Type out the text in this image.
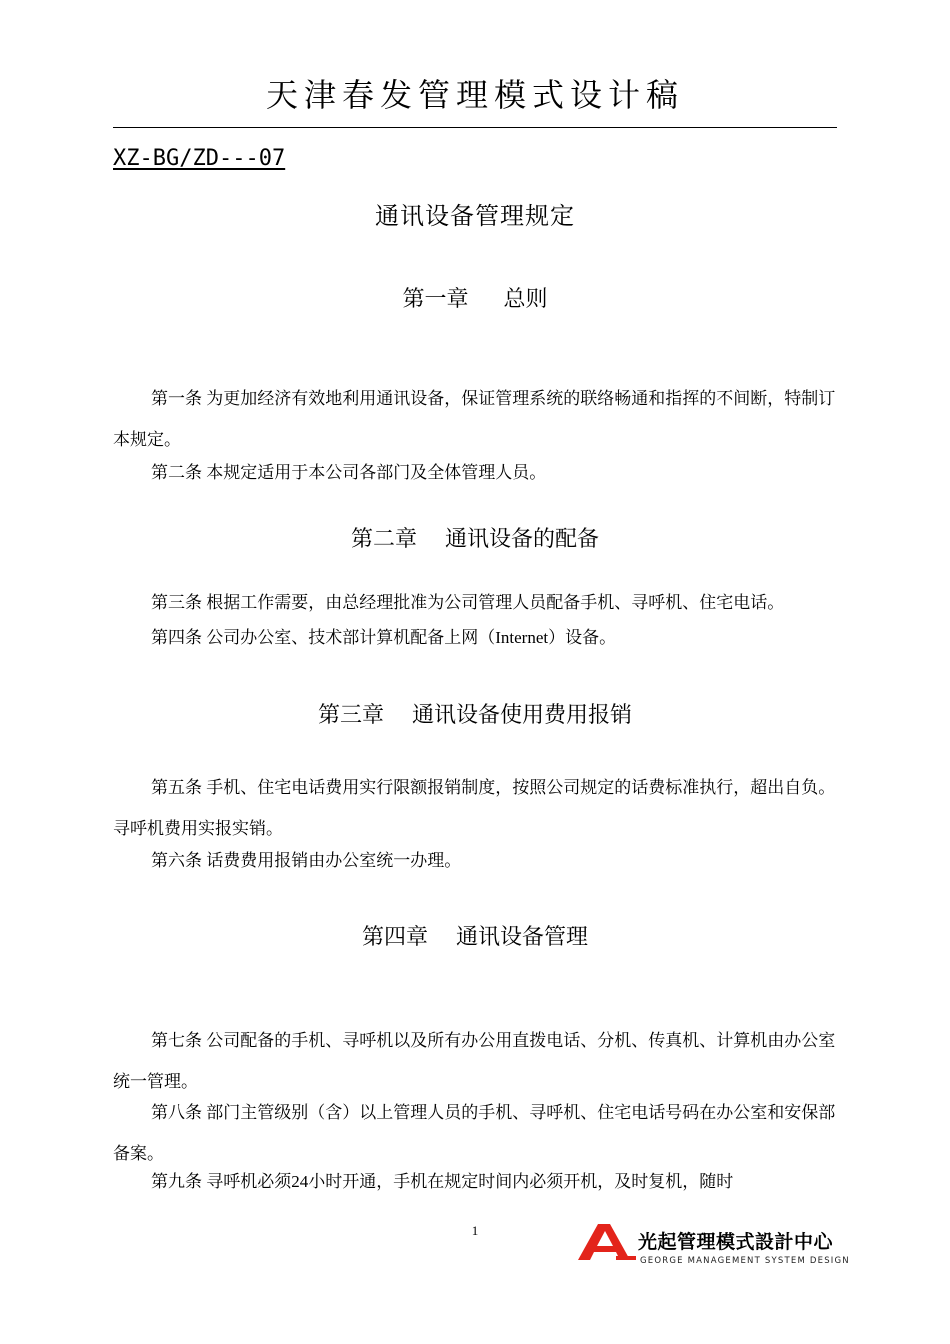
天津春发管理模式设计稿
XZ-BG/ZD---07
通讯设备管理规定
第一章     总则
第一条 为更加经济有效地利用通讯设备，保证管理系统的联络畅通和指挥的不间断，特制订本规定。
第二条 本规定适用于本公司各部门及全体管理人员。
第二章    通讯设备的配备
第三条 根据工作需要，由总经理批准为公司管理人员配备手机、寻呼机、住宅电话。
第四条 公司办公室、技术部计算机配备上网（Internet）设备。
第三章    通讯设备使用费用报销
第五条 手机、住宅电话费用实行限额报销制度，按照公司规定的话费标准执行，超出自负。寻呼机费用实报实销。
第六条 话费费用报销由办公室统一办理。
第四章    通讯设备管理
第七条 公司配备的手机、寻呼机以及所有办公用直拨电话、分机、传真机、计算机由办公室统一管理。
第八条 部门主管级别（含）以上管理人员的手机、寻呼机、住宅电话号码在办公室和安保部备案。
第九条 寻呼机必须24小时开通，手机在规定时间内必须开机，及时复机，随时
1
光起管理模式設計中心
GEORGE MANAGEMENT SYSTEM DESIGN
